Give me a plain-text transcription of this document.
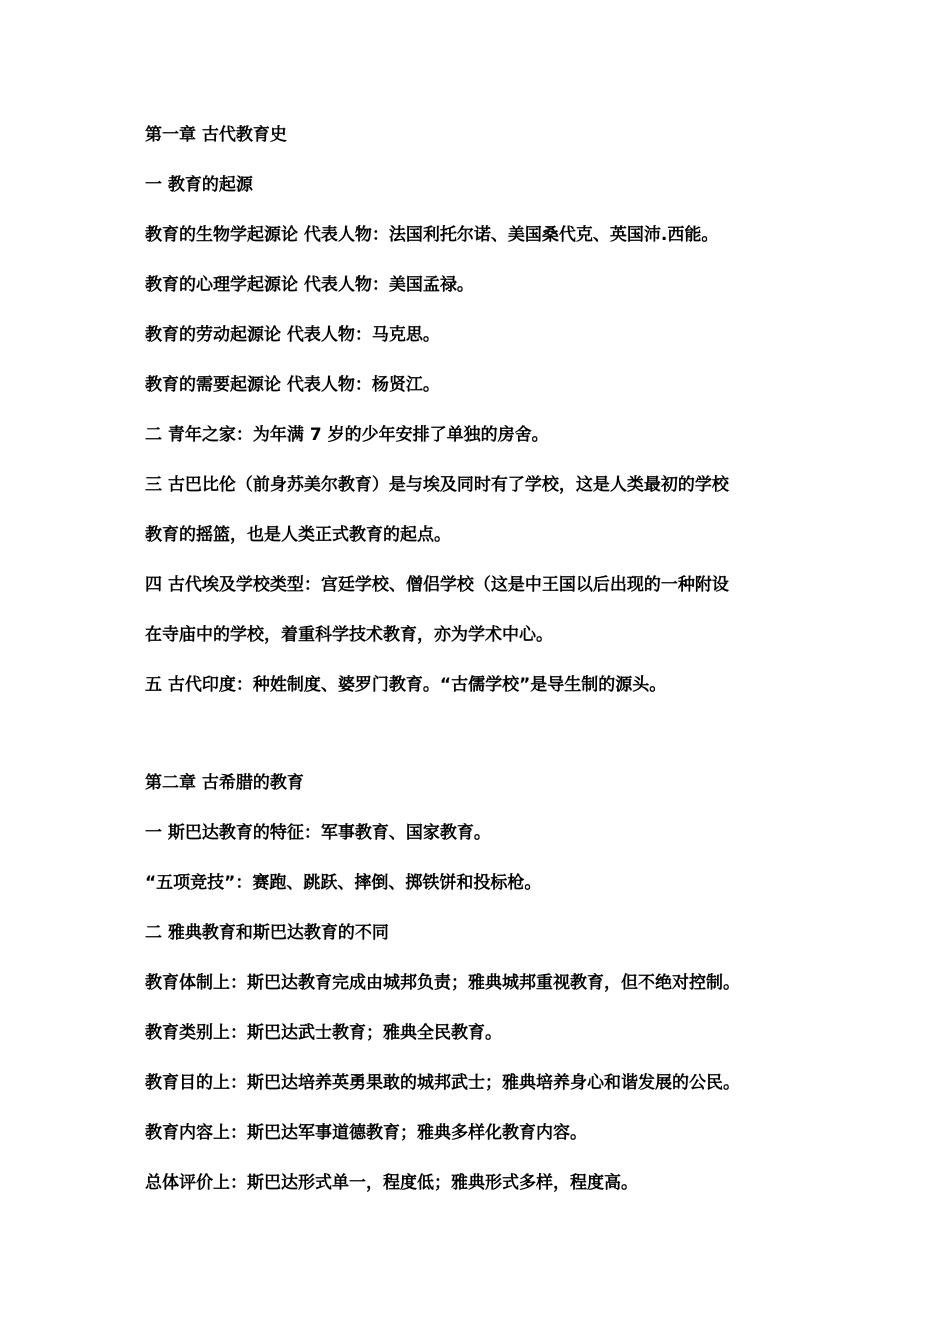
第一章 古代教育史
一 教育的起源
教育的生物学起源论 代表人物：法国利托尔诺、美国桑代克、英国沛.西能。
教育的心理学起源论 代表人物：美国孟禄。
教育的劳动起源论 代表人物：马克思。
教育的需要起源论 代表人物：杨贤江。
二 青年之家：为年满 7 岁的少年安排了单独的房舍。
三 古巴比伦（前身苏美尔教育）是与埃及同时有了学校，这是人类最初的学校
教育的摇篮，也是人类正式教育的起点。
四 古代埃及学校类型：宫廷学校、僧侣学校（这是中王国以后出现的一种附设
在寺庙中的学校，着重科学技术教育，亦为学术中心。
五 古代印度：种姓制度、婆罗门教育。“古儒学校”是导生制的源头。
第二章 古希腊的教育
一 斯巴达教育的特征：军事教育、国家教育。
“五项竞技”：赛跑、跳跃、摔倒、掷铁饼和投标枪。
二 雅典教育和斯巴达教育的不同
教育体制上：斯巴达教育完成由城邦负责；雅典城邦重视教育，但不绝对控制。
教育类别上：斯巴达武士教育；雅典全民教育。
教育目的上：斯巴达培养英勇果敢的城邦武士；雅典培养身心和谐发展的公民。
教育内容上：斯巴达军事道德教育；雅典多样化教育内容。
总体评价上：斯巴达形式单一，程度低；雅典形式多样，程度高。
